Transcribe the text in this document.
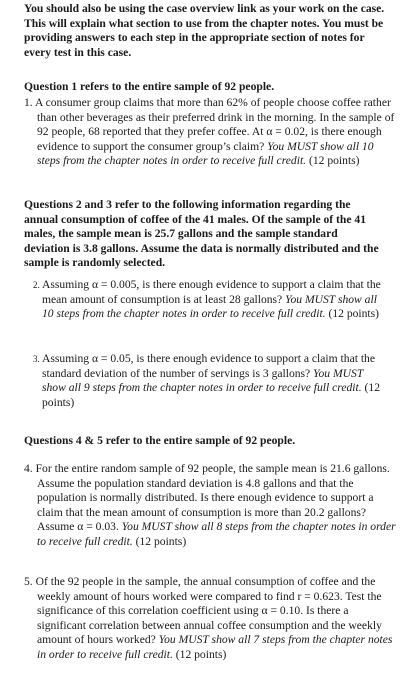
You should also be using the case overview link as your work on the case. This will explain what section to use from the chapter notes. You must be providing answers to each step in the appropriate section of notes for every test in this case.

Question 1 refers to the entire sample of 92 people.

1. A consumer group claims that more than 62% of people choose coffee rather than other beverages as their preferred drink in the morning. In the sample of 92 people, 68 reported that they prefer coffee. At α = 0.02, is there enough evidence to support the consumer group’s claim? You MUST show all 10 steps from the chapter notes in order to receive full credit. (12 points)

Questions 2 and 3 refer to the following information regarding the annual consumption of coffee of the 41 males. Of the sample of the 41 males, the sample mean is 25.7 gallons and the sample standard deviation is 3.8 gallons. Assume the data is normally distributed and the sample is randomly selected.

2. Assuming α = 0.005, is there enough evidence to support a claim that the mean amount of consumption is at least 28 gallons? You MUST show all 10 steps from the chapter notes in order to receive full credit. (12 points)
3. Assuming α = 0.05, is there enough evidence to support a claim that the standard deviation of the number of servings is 3 gallons? You MUST show all 9 steps from the chapter notes in order to receive full credit. (12 points)

Questions 4 & 5 refer to the entire sample of 92 people.

4. For the entire random sample of 92 people, the sample mean is 21.6 gallons. Assume the population standard deviation is 4.8 gallons and that the population is normally distributed. Is there enough evidence to support a claim that the mean amount of consumption is more than 20.2 gallons? Assume α = 0.03. You MUST show all 8 steps from the chapter notes in order to receive full credit. (12 points)
5. Of the 92 people in the sample, the annual consumption of coffee and the weekly amount of hours worked were compared to find r = 0.623. Test the significance of this correlation coefficient using α = 0.10. Is there a significant correlation between annual coffee consumption and the weekly amount of hours worked? You MUST show all 7 steps from the chapter notes in order to receive full credit. (12 points)
